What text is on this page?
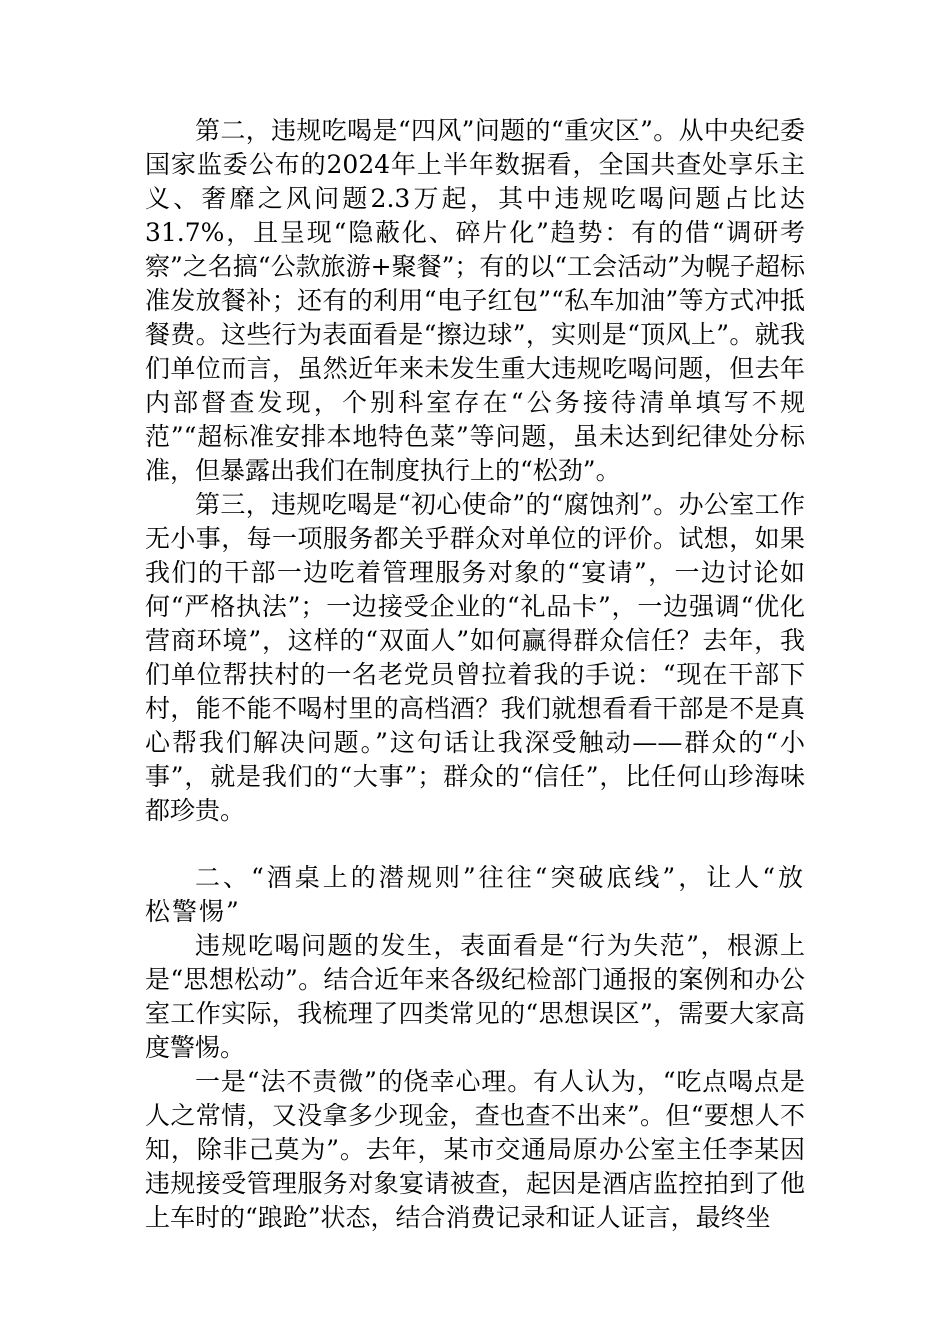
第二，违规吃喝是“四风”问题的“重灾区”。从中央纪委国家监委公布的2024年上半年数据看，全国共查处享乐主义、奢靡之风问题2.3万起，其中违规吃喝问题占比达31.7%，且呈现“隐蔽化、碎片化”趋势：有的借“调研考察”之名搞“公款旅游+聚餐”；有的以“工会活动”为幌子超标准发放餐补；还有的利用“电子红包”“私车加油”等方式冲抵餐费。这些行为表面看是“擦边球”，实则是“顶风上”。就我们单位而言，虽然近年来未发生重大违规吃喝问题，但去年内部督查发现，个别科室存在“公务接待清单填写不规范”“超标准安排本地特色菜”等问题，虽未达到纪律处分标准，但暴露出我们在制度执行上的“松劲”。

第三，违规吃喝是“初心使命”的“腐蚀剂”。办公室工作无小事，每一项服务都关乎群众对单位的评价。试想，如果我们的干部一边吃着管理服务对象的“宴请”，一边讨论如何“严格执法”；一边接受企业的“礼品卡”，一边强调“优化营商环境”，这样的“双面人”如何赢得群众信任？去年，我们单位帮扶村的一名老党员曾拉着我的手说：“现在干部下村，能不能不喝村里的高档酒？我们就想看看干部是不是真心帮我们解决问题。”这句话让我深受触动——群众的“小事”，就是我们的“大事”；群众的“信任”，比任何山珍海味都珍贵。

二、“酒桌上的潜规则”往往“突破底线”，让人“放松警惕”

违规吃喝问题的发生，表面看是“行为失范”，根源上是“思想松动”。结合近年来各级纪检部门通报的案例和办公室工作实际，我梳理了四类常见的“思想误区”，需要大家高度警惕。

一是“法不责微”的侥幸心理。有人认为，“吃点喝点是人之常情，又没拿多少现金，查也查不出来”。但“要想人不知，除非己莫为”。去年，某市交通局原办公室主任李某因违规接受管理服务对象宴请被查，起因是酒店监控拍到了他上车时的“踉跄”状态，结合消费记录和证人证言，最终坐
